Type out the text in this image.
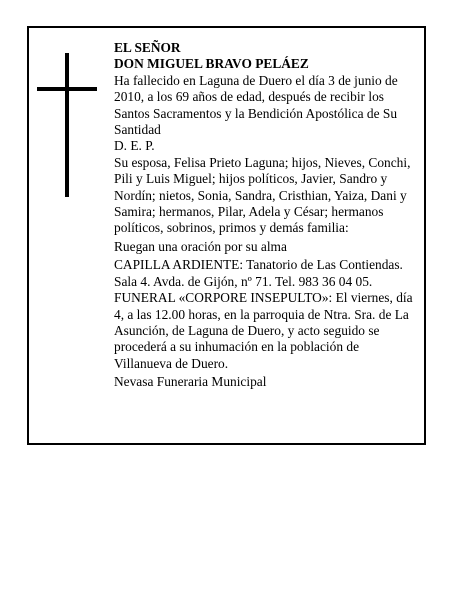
EL SEÑOR

DON MIGUEL BRAVO PELÁEZ

Ha fallecido en Laguna de Duero el día 3 de junio de 2010, a los 69 años de edad, después de recibir los Santos Sacramentos y la Bendición Apostólica de Su Santidad

D. E. P.

Su esposa, Felisa Prieto Laguna; hijos, Nieves, Conchi, Pili y Luis Miguel; hijos políticos, Javier, Sandro y Nordín; nietos, Sonia, Sandra, Cristhian, Yaiza, Dani y Samira; hermanos, Pilar, Adela y César; hermanos políticos, sobrinos, primos y demás familia:

Ruegan una oración por su alma

CAPILLA ARDIENTE: Tanatorio de Las Contiendas. Sala 4. Avda. de Gijón, nº 71. Tel. 983 36 04 05.

FUNERAL «CORPORE INSEPULTO»: El viernes, día 4, a las 12.00 horas, en la parroquia de Ntra. Sra. de La Asunción, de Laguna de Duero, y acto seguido se procederá a su inhumación en la población de Villanueva de Duero.

Nevasa Funeraria Municipal
